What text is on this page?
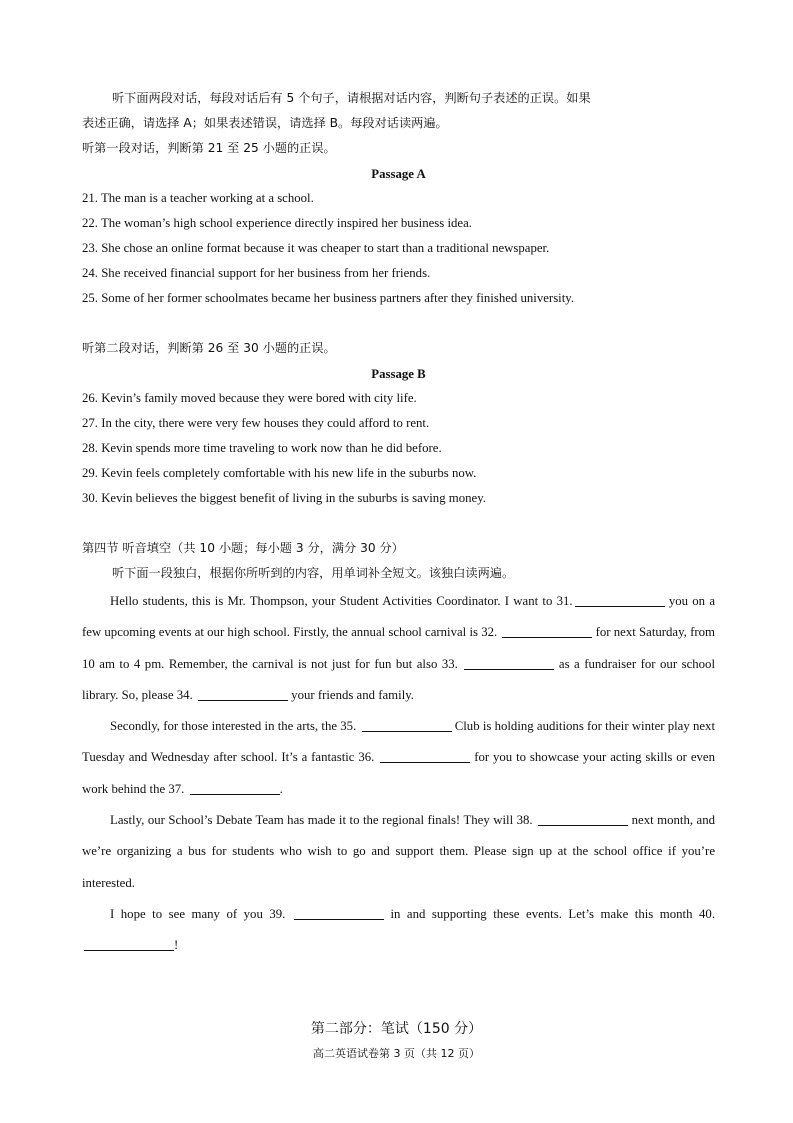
听下面两段对话，每段对话后有 5 个句子，请根据对话内容，判断句子表述的正误。如果
表述正确，请选择 A；如果表述错误，请选择 B。每段对话读两遍。
听第一段对话，判断第 21 至 25 小题的正误。
Passage A
21. The man is a teacher working at a school.
22. The woman’s high school experience directly inspired her business idea.
23. She chose an online format because it was cheaper to start than a traditional newspaper.
24. She received financial support for her business from her friends.
25. Some of her former schoolmates became her business partners after they finished university.
听第二段对话，判断第 26 至 30 小题的正误。
Passage B
26. Kevin’s family moved because they were bored with city life.
27. In the city, there were very few houses they could afford to rent.
28. Kevin spends more time traveling to work now than he did before.
29. Kevin feels completely comfortable with his new life in the suburbs now.
30. Kevin believes the biggest benefit of living in the suburbs is saving money.
第四节 听音填空（共 10 小题；每小题 3 分，满分 30 分）
听下面一段独白，根据你所听到的内容，用单词补全短文。该独白读两遍。
Hello students, this is Mr. Thompson, your Student Activities Coordinator. I want to 31.	you on a few upcoming events at our high school. Firstly, the annual school carnival is 32.	for next Saturday, from 10 am to 4 pm. Remember, the carnival is not just for fun but also 33.	as a fundraiser for our school library. So, please 34.	your friends and family.
Secondly, for those interested in the arts, the 35.	Club is holding auditions for their winter play next Tuesday and Wednesday after school. It’s a fantastic 36.	for you to showcase your acting skills or even work behind the 37.	.
Lastly, our School’s Debate Team has made it to the regional finals! They will 38.	next month, and we’re organizing a bus for students who wish to go and support them. Please sign up at the school office if you’re interested.
I hope to see many of you 39.	in and supporting these events. Let’s make this month 40. !
第二部分：笔试（150 分）
高二英语试卷第 3 页（共 12 页）
